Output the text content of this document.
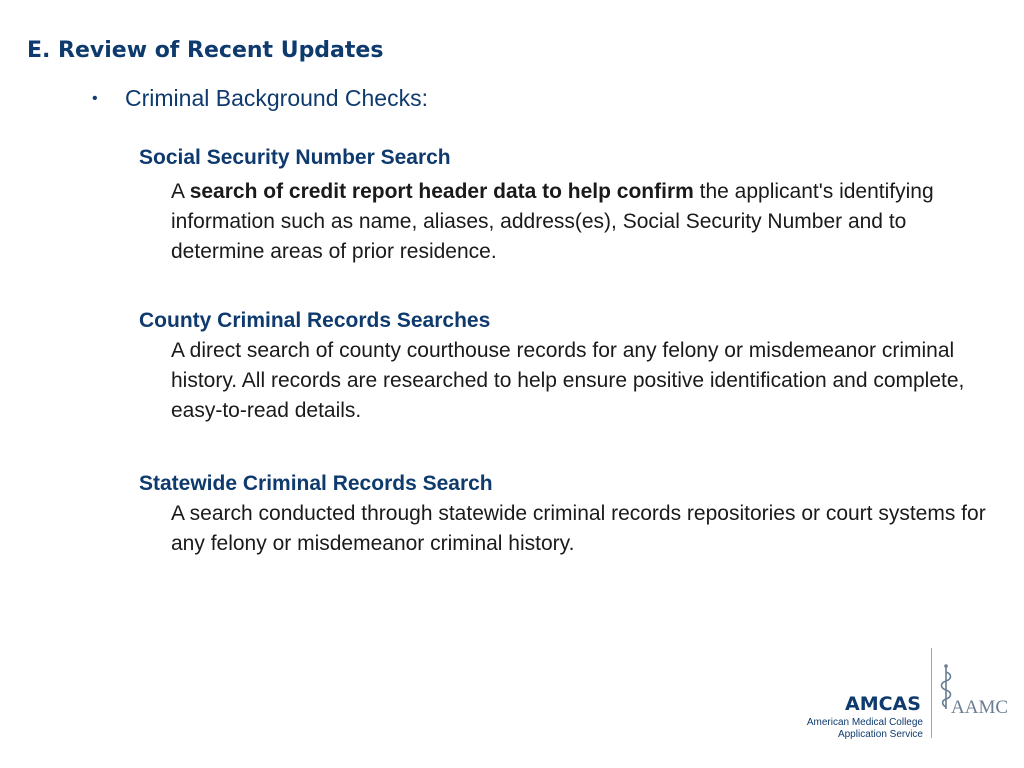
E. Review of Recent Updates
• Criminal Background Checks:
Social Security Number Search
A search of credit report header data to help confirm the applicant's identifying information such as name, aliases, address(es), Social Security Number and to determine areas of prior residence.
County Criminal Records Searches
A direct search of county courthouse records for any felony or misdemeanor criminal history. All records are researched to help ensure positive identification and complete, easy-to-read details.
Statewide Criminal Records Search
A search conducted through statewide criminal records repositories or court systems for any felony or misdemeanor criminal history.
AMCAS
American Medical College
Application Service
AAMC
